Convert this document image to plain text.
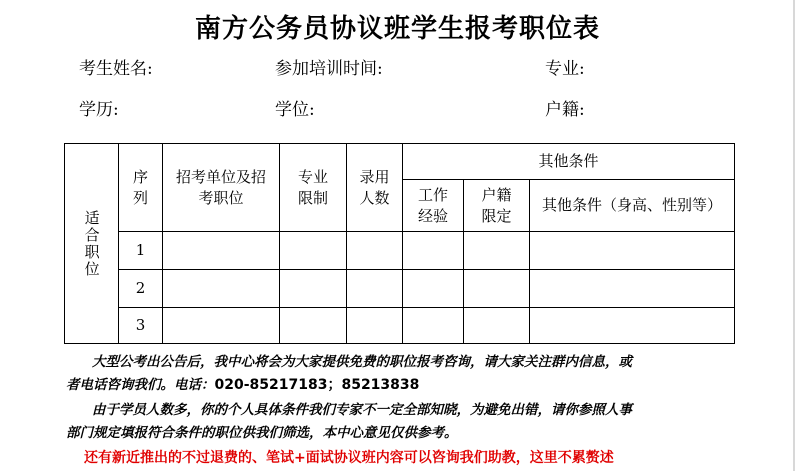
南方公务员协议班学生报考职位表
考生姓名:	参加培训时间:	专业:
学历:	学位:	户籍:
适合职位	序列	招考单位及招考职位	专业限制	录用人数	其他条件		

					工作经验	户籍限定	其他条件（身高、性别等）
	1						
	2						
	3						
大型公考出公告后，我中心将会为大家提供免费的职位报考咨询，请大家关注群内信息，或
者电话咨询我们。电话：020-85217183；85213838
由于学员人数多，你的个人具体条件我们专家不一定全部知晓，为避免出错，请你参照人事
部门规定填报符合条件的职位供我们筛选，本中心意见仅供参考。
还有新近推出的不过退费的、笔试+面试协议班内容可以咨询我们助教，这里不累赘述
